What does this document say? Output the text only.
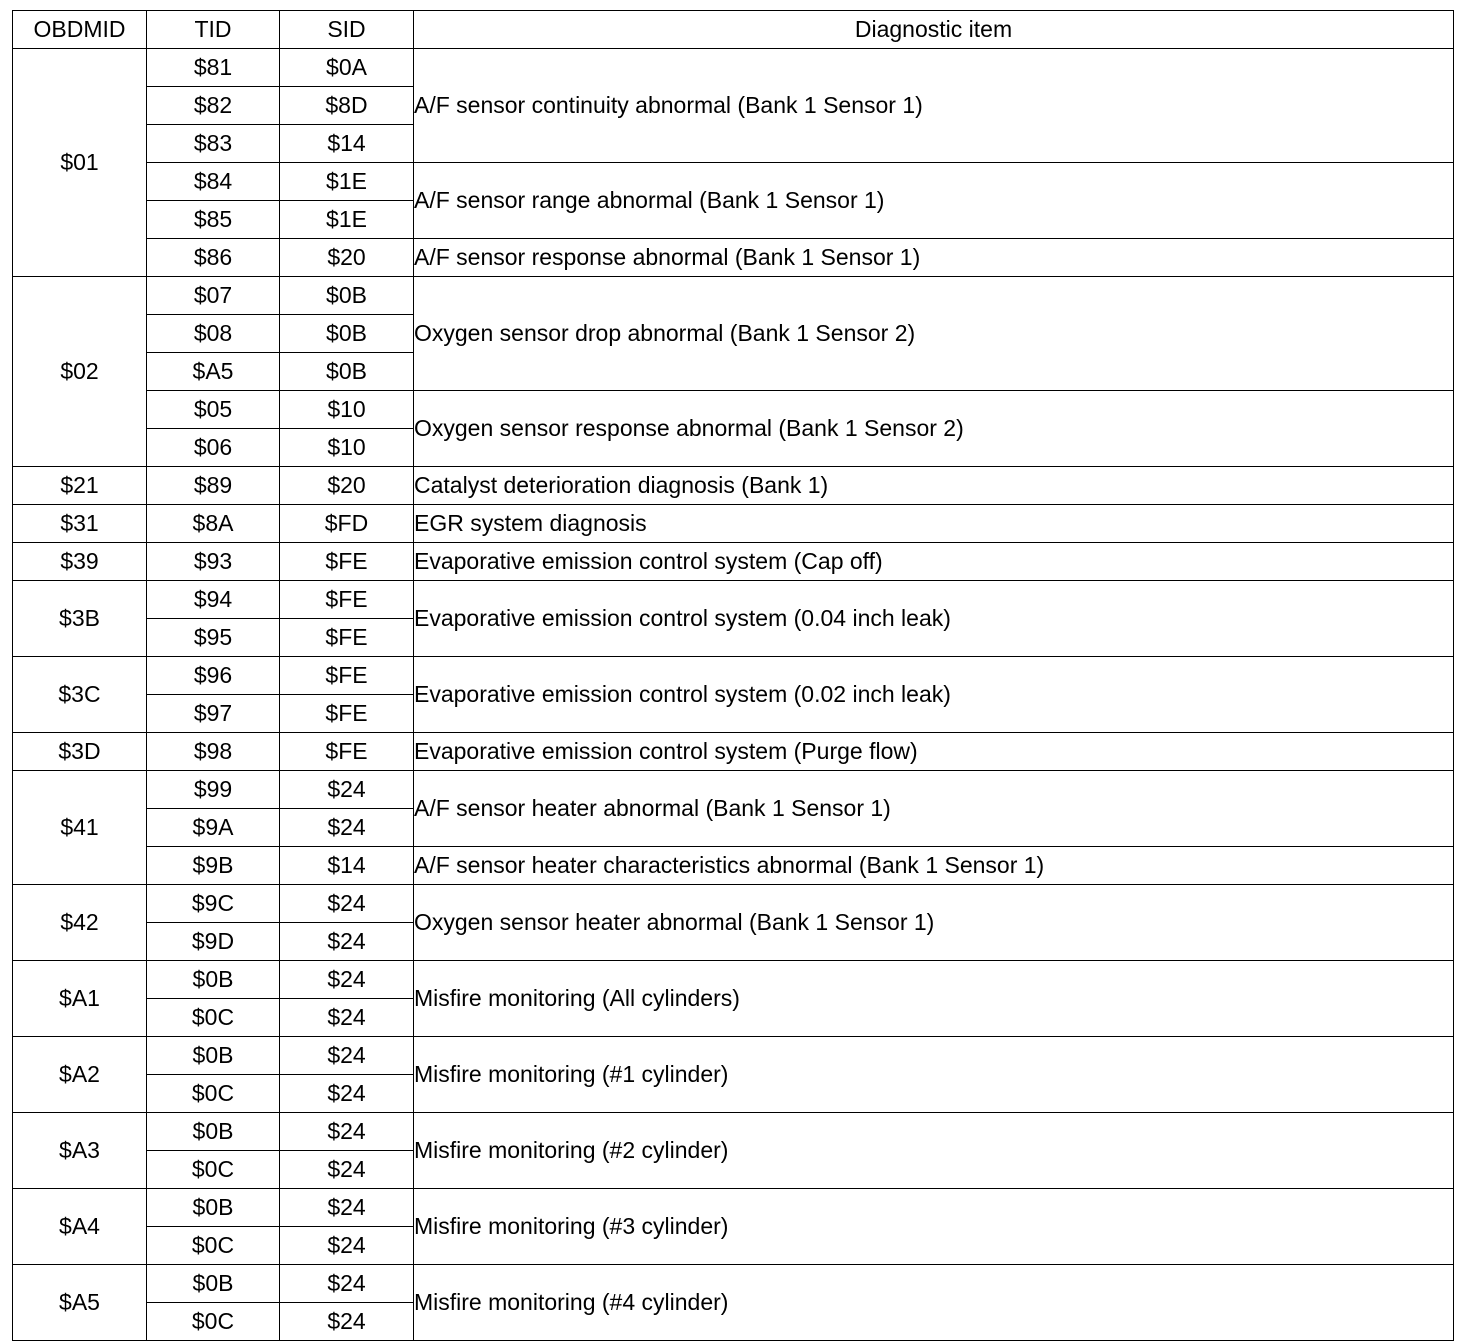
OBDMID	TID	SID	Diagnostic item
$01	$81	$0A	A/F sensor continuity abnormal (Bank 1 Sensor 1)
	$82	$8D	
	$83	$14	
	$84	$1E	A/F sensor range abnormal (Bank 1 Sensor 1)
	$85	$1E	
	$86	$20	A/F sensor response abnormal (Bank 1 Sensor 1)
$02	$07	$0B	Oxygen sensor drop abnormal (Bank 1 Sensor 2)
	$08	$0B	
	$A5	$0B	
	$05	$10	Oxygen sensor response abnormal (Bank 1 Sensor 2)
	$06	$10	
$21	$89	$20	Catalyst deterioration diagnosis (Bank 1)
$31	$8A	$FD	EGR system diagnosis
$39	$93	$FE	Evaporative emission control system (Cap off)
$3B	$94	$FE	Evaporative emission control system (0.04 inch leak)
	$95	$FE	
$3C	$96	$FE	Evaporative emission control system (0.02 inch leak)
	$97	$FE	
$3D	$98	$FE	Evaporative emission control system (Purge flow)
$41	$99	$24	A/F sensor heater abnormal (Bank 1 Sensor 1)
	$9A	$24	
	$9B	$14	A/F sensor heater characteristics abnormal (Bank 1 Sensor 1)
$42	$9C	$24	Oxygen sensor heater abnormal (Bank 1 Sensor 1)
	$9D	$24	
$A1	$0B	$24	Misfire monitoring (All cylinders)
	$0C	$24	
$A2	$0B	$24	Misfire monitoring (#1 cylinder)
	$0C	$24	
$A3	$0B	$24	Misfire monitoring (#2 cylinder)
	$0C	$24	
$A4	$0B	$24	Misfire monitoring (#3 cylinder)
	$0C	$24	
$A5	$0B	$24	Misfire monitoring (#4 cylinder)
	$0C	$24	
